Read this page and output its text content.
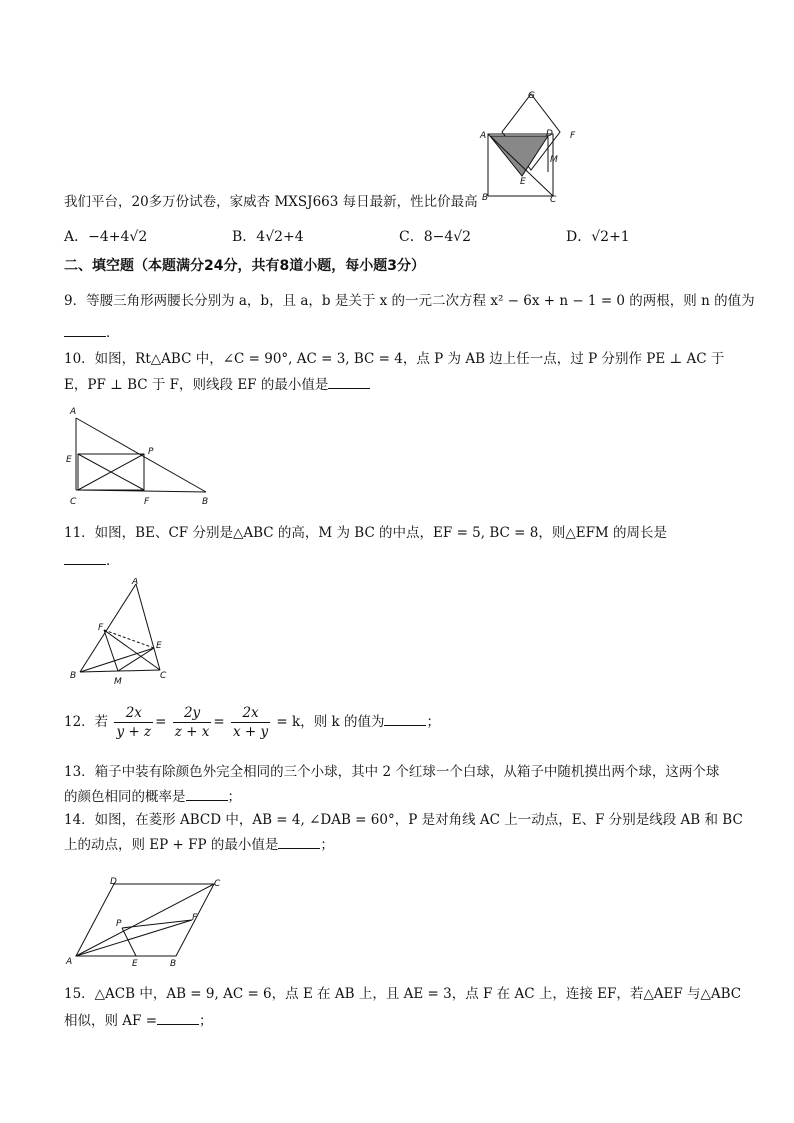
G
A	D F
M
E
B	C
我们平台，20多万份试卷，家威杏 MXSJ663 每日最新，性比价最高
A．−4+4√2	B．4√2+4	C．8−4√2	D．√2+1
二、填空题（本题满分24分，共有8道小题，每小题3分）
9．等腰三角形两腰长分别为 a，b，且 a，b 是关于 x 的一元二次方程 x² − 6x + n − 1 = 0 的两根，则 n 的值为
．
10．如图，Rt△ABC 中，∠C = 90°, AC = 3, BC = 4，点 P 为 AB 边上任一点，过 P 分别作 PE ⊥ AC 于
E，PF ⊥ BC 于 F，则线段 EF 的最小值是
A
E
P
C	F	B
11．如图，BE、CF 分别是△ABC 的高，M 为 BC 的中点，EF = 5, BC = 8，则△EFM 的周长是
．
A
F
E
B
M
C
12．若 $\frac{2x}{y + z} = \frac{2y}{z + x} = \frac{2x}{x + y} = k$，则 k 的值为	；
13．箱子中装有除颜色外完全相同的三个小球，其中 2 个红球一个白球，从箱子中随机摸出两个球，这两个球
的颜色相同的概率是	；
14．如图，在菱形 ABCD 中，AB = 4, ∠DAB = 60°，P 是对角线 AC 上一动点，E、F 分别是线段 AB 和 BC
上的动点，则 EP + FP 的最小值是	；
D	C
P
F
A	E	B
15．△ACB 中，AB = 9, AC = 6，点 E 在 AB 上，且 AE = 3，点 F 在 AC 上，连接 EF，若△AEF 与△ABC
相似，则 AF =	；
